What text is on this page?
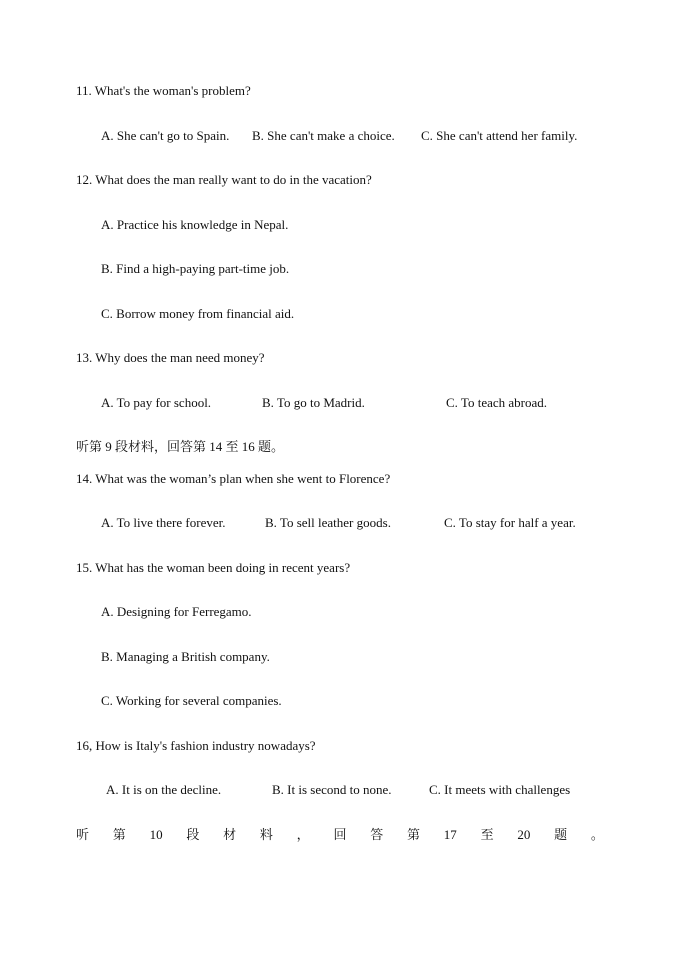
11. What's the woman's problem?
A. She can't go to Spain. B. She can't make a choice. C. She can't attend her family.
12. What does the man really want to do in the vacation?
A. Practice his knowledge in Nepal.
B. Find a high-paying part-time job.
C. Borrow money from financial aid.
13. Why does the man need money?
A. To pay for school.	B. To go to Madrid.	C. To teach abroad.
听第 9 段材料，回答第 14 至 16 题。
14. What was the woman’s plan when she went to Florence?
A. To live there forever.	B. To sell leather goods.	C. To stay for half a year.
15. What has the woman been doing in recent years?
A. Designing for Ferregamo.
B. Managing a British company.
C. Working for several companies.
16, How is Italy's fashion industry nowadays?
A. It is on the decline.	B. It is second to none.	C. It meets with challenges
听 第 10 段 材 料 ， 回 答 第 17 至 20 题 。
